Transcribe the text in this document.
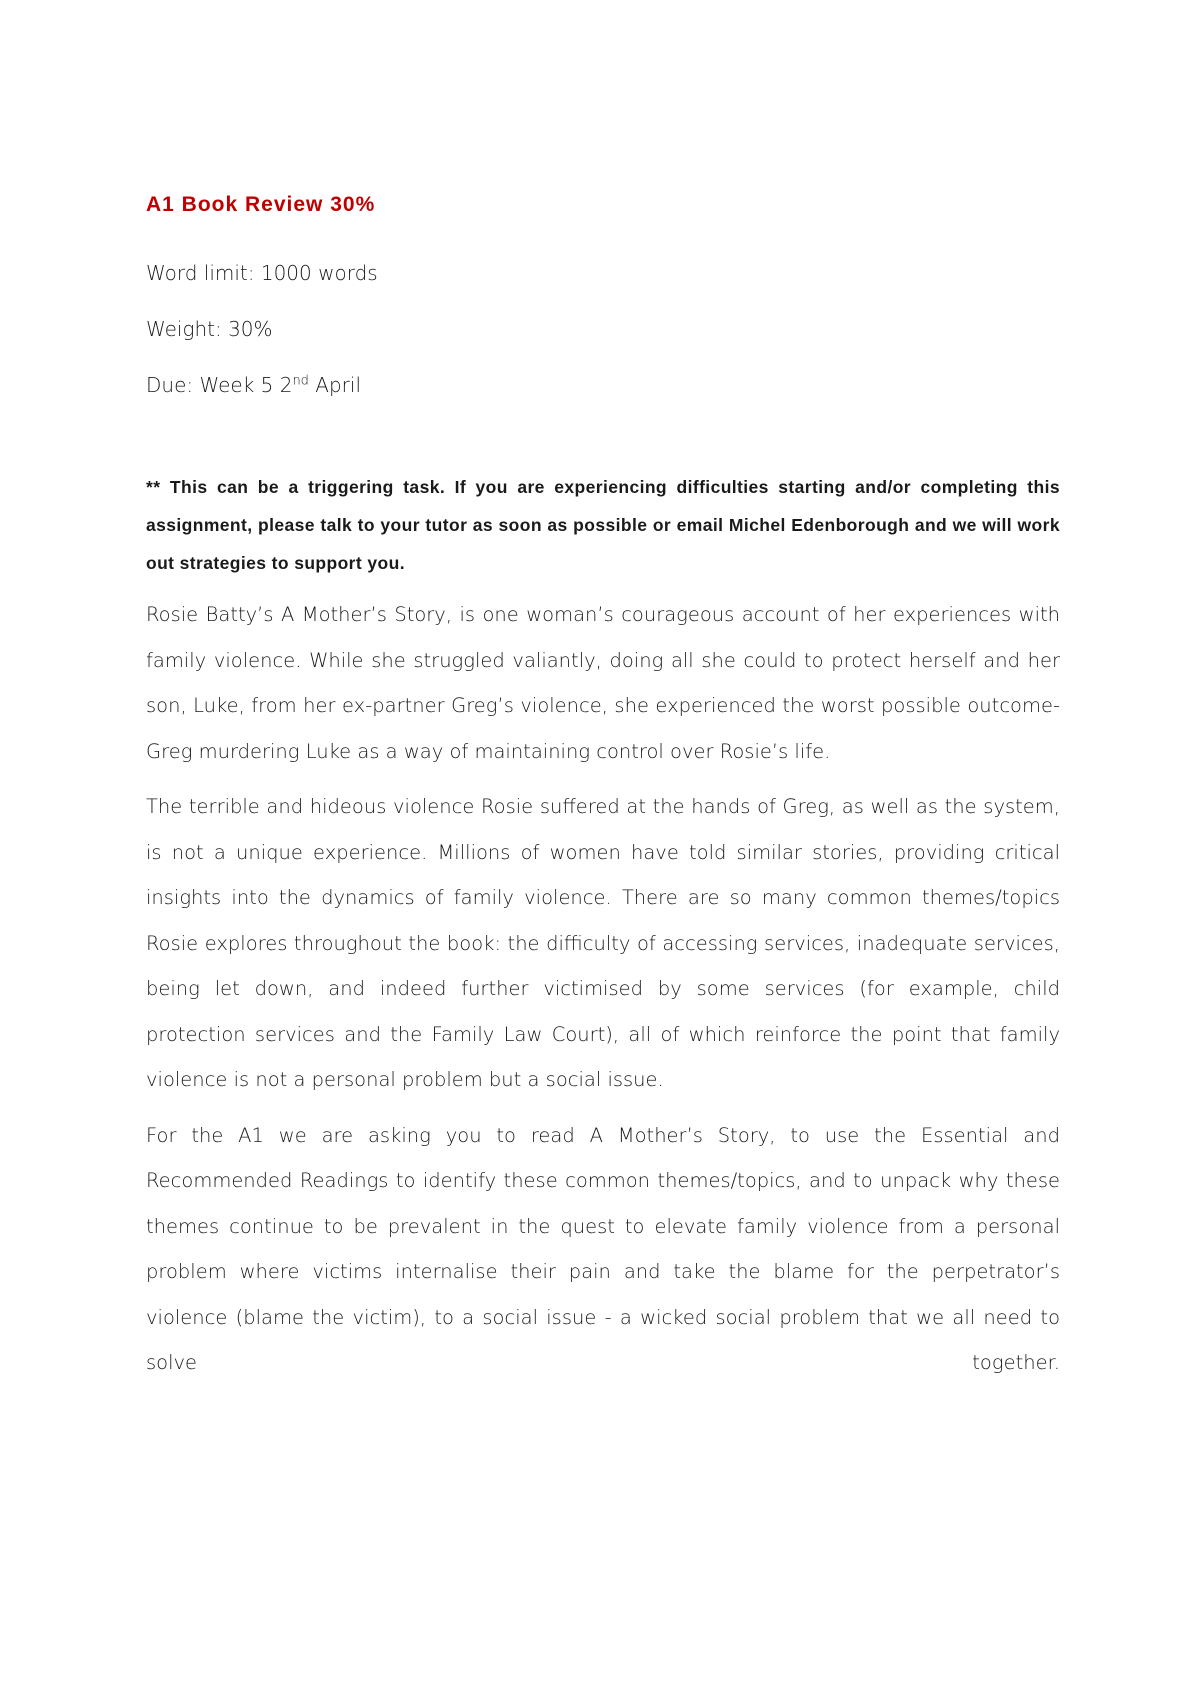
A1 Book Review 30%
Word limit: 1000 words
Weight: 30%
Due: Week 5 2nd April
** This can be a triggering task. If you are experiencing difficulties starting and/or completing this assignment, please talk to your tutor as soon as possible or email Michel Edenborough and we will work out strategies to support you.

Rosie Batty’s A Mother’s Story, is one woman’s courageous account of her experiences with family violence. While she struggled valiantly, doing all she could to protect herself and her son, Luke, from her ex-partner Greg’s violence, she experienced the worst possible outcome- Greg murdering Luke as a way of maintaining control over Rosie’s life.

The terrible and hideous violence Rosie suffered at the hands of Greg, as well as the system, is not a unique experience. Millions of women have told similar stories, providing critical insights into the dynamics of family violence. There are so many common themes/topics Rosie explores throughout the book: the difficulty of accessing services, inadequate services, being let down, and indeed further victimised by some services (for example, child protection services and the Family Law Court), all of which reinforce the point that family violence is not a personal problem but a social issue.

For the A1 we are asking you to read A Mother’s Story, to use the Essential and Recommended Readings to identify these common themes/topics, and to unpack why these themes continue to be prevalent in the quest to elevate family violence from a personal problem where victims internalise their pain and take the blame for the perpetrator’s violence (blame the victim), to a social issue - a wicked social problem that we all need to solve together.
